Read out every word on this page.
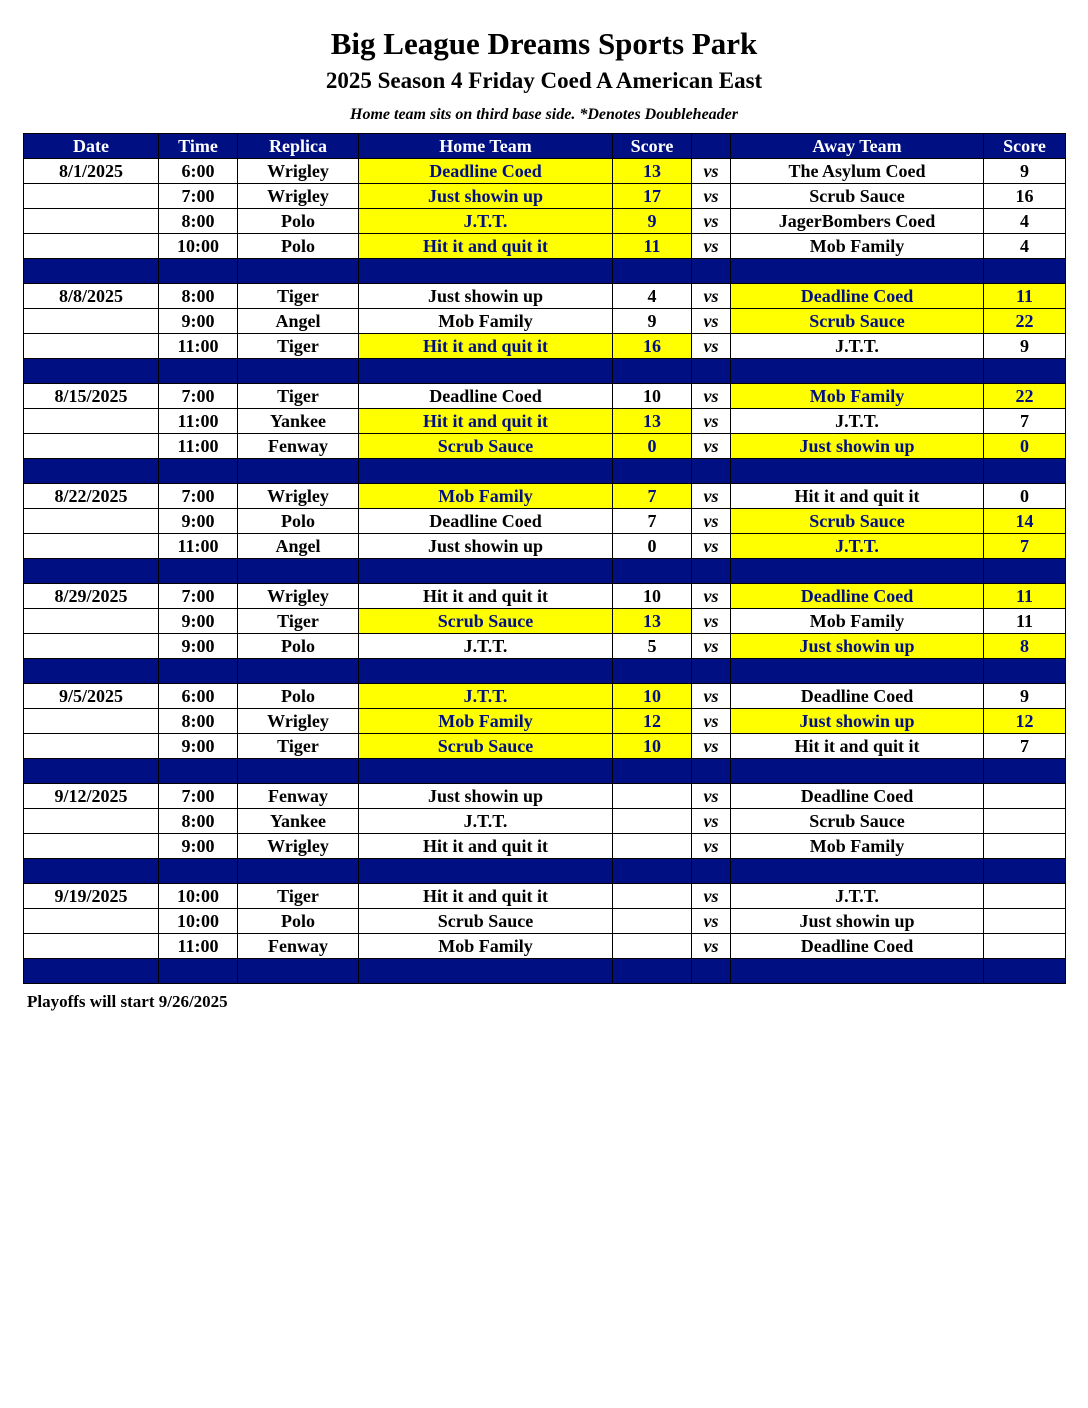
Big League Dreams Sports Park
2025 Season 4 Friday Coed A American East
Home team sits on third base side. *Denotes Doubleheader
Date	Time	Replica	Home Team	Score		Away Team	Score
8/1/2025	6:00	Wrigley	Deadline Coed	13	vs	The Asylum Coed	9
	7:00	Wrigley	Just showin up	17	vs	Scrub Sauce	16
	8:00	Polo	J.T.T.	9	vs	JagerBombers Coed	4
	10:00	Polo	Hit it and quit it	11	vs	Mob Family	4

8/8/2025	8:00	Tiger	Just showin up	4	vs	Deadline Coed	11
	9:00	Angel	Mob Family	9	vs	Scrub Sauce	22
	11:00	Tiger	Hit it and quit it	16	vs	J.T.T.	9

8/15/2025	7:00	Tiger	Deadline Coed	10	vs	Mob Family	22
	11:00	Yankee	Hit it and quit it	13	vs	J.T.T.	7
	11:00	Fenway	Scrub Sauce	0	vs	Just showin up	0

8/22/2025	7:00	Wrigley	Mob Family	7	vs	Hit it and quit it	0
	9:00	Polo	Deadline Coed	7	vs	Scrub Sauce	14
	11:00	Angel	Just showin up	0	vs	J.T.T.	7

8/29/2025	7:00	Wrigley	Hit it and quit it	10	vs	Deadline Coed	11
	9:00	Tiger	Scrub Sauce	13	vs	Mob Family	11
	9:00	Polo	J.T.T.	5	vs	Just showin up	8

9/5/2025	6:00	Polo	J.T.T.	10	vs	Deadline Coed	9
	8:00	Wrigley	Mob Family	12	vs	Just showin up	12
	9:00	Tiger	Scrub Sauce	10	vs	Hit it and quit it	7

9/12/2025	7:00	Fenway	Just showin up		vs	Deadline Coed	
	8:00	Yankee	J.T.T.		vs	Scrub Sauce	
	9:00	Wrigley	Hit it and quit it		vs	Mob Family	

9/19/2025	10:00	Tiger	Hit it and quit it		vs	J.T.T.	
	10:00	Polo	Scrub Sauce		vs	Just showin up	
	11:00	Fenway	Mob Family		vs	Deadline Coed	

Playoffs will start 9/26/2025
